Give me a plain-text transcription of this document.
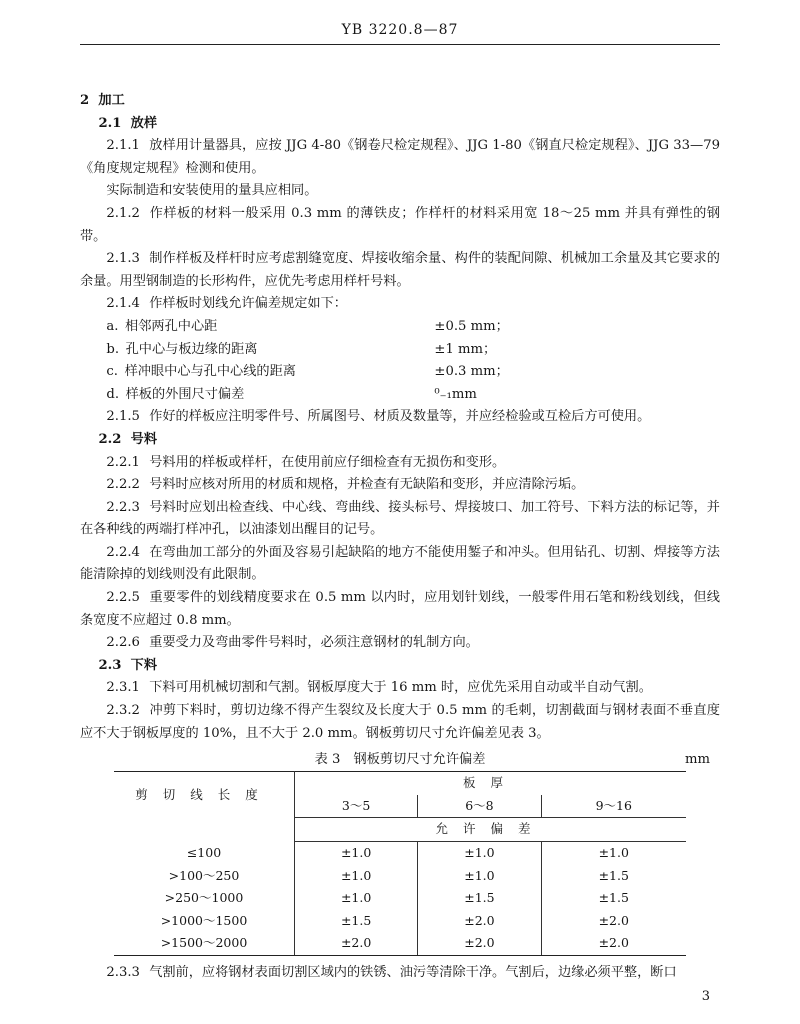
YB 3220.8—87

2 加工

2.1 放样

2.1.1 放样用计量器具，应按 JJG 4-80《钢卷尺检定规程》、JJG 1-80《钢直尺检定规程》、JJG 33—79《角度规定规程》检测和使用。

实际制造和安装使用的量具应相同。

2.1.2 作样板的材料一般采用 0.3 mm 的薄铁皮；作样杆的材料采用宽 18～25 mm 并具有弹性的钢带。

2.1.3 制作样板及样杆时应考虑割缝宽度、焊接收缩余量、构件的装配间隙、机械加工余量及其它要求的余量。用型钢制造的长形构件，应优先考虑用样杆号料。

2.1.4 作样板时划线允许偏差规定如下：

a. 相邻两孔中心距	±0.5 mm；
b. 孔中心与板边缘的距离	±1 mm；
c. 样冲眼中心与孔中心线的距离	±0.3 mm；
d. 样板的外围尺寸偏差	⁰₋₁mm

2.1.5 作好的样板应注明零件号、所属图号、材质及数量等，并应经检验或互检后方可使用。

2.2 号料

2.2.1 号料用的样板或样杆，在使用前应仔细检查有无损伤和变形。

2.2.2 号料时应核对所用的材质和规格，并检查有无缺陷和变形，并应清除污垢。

2.2.3 号料时应划出检查线、中心线、弯曲线、接头标号、焊接坡口、加工符号、下料方法的标记等，并在各种线的两端打样冲孔，以油漆划出醒目的记号。

2.2.4 在弯曲加工部分的外面及容易引起缺陷的地方不能使用錾子和冲头。但用钻孔、切割、焊接等方法能清除掉的划线则没有此限制。

2.2.5 重要零件的划线精度要求在 0.5 mm 以内时，应用划针划线，一般零件用石笔和粉线划线，但线条宽度不应超过 0.8 mm。

2.2.6 重要受力及弯曲零件号料时，必须注意钢材的轧制方向。

2.3 下料

2.3.1 下料可用机械切割和气割。钢板厚度大于 16 mm 时，应优先采用自动或半自动气割。

2.3.2 冲剪下料时，剪切边缘不得产生裂纹及长度大于 0.5 mm 的毛刺，切割截面与钢材表面不垂直度应不大于钢板厚度的 10%，且不大于 2.0 mm。钢板剪切尺寸允许偏差见表 3。

表 3　钢板剪切尺寸允许偏差	mm
剪切线长度	板厚		
	3～5	6～8	9～16
	允许偏差		
≤100	±1.0	±1.0	±1.0
>100～250	±1.0	±1.0	±1.5
>250～1000	±1.0	±1.5	±1.5
>1000～1500	±1.5	±2.0	±2.0
>1500～2000	±2.0	±2.0	±2.0

2.3.3 气割前，应将钢材表面切割区域内的铁锈、油污等清除干净。气割后，边缘必须平整，断口

3
